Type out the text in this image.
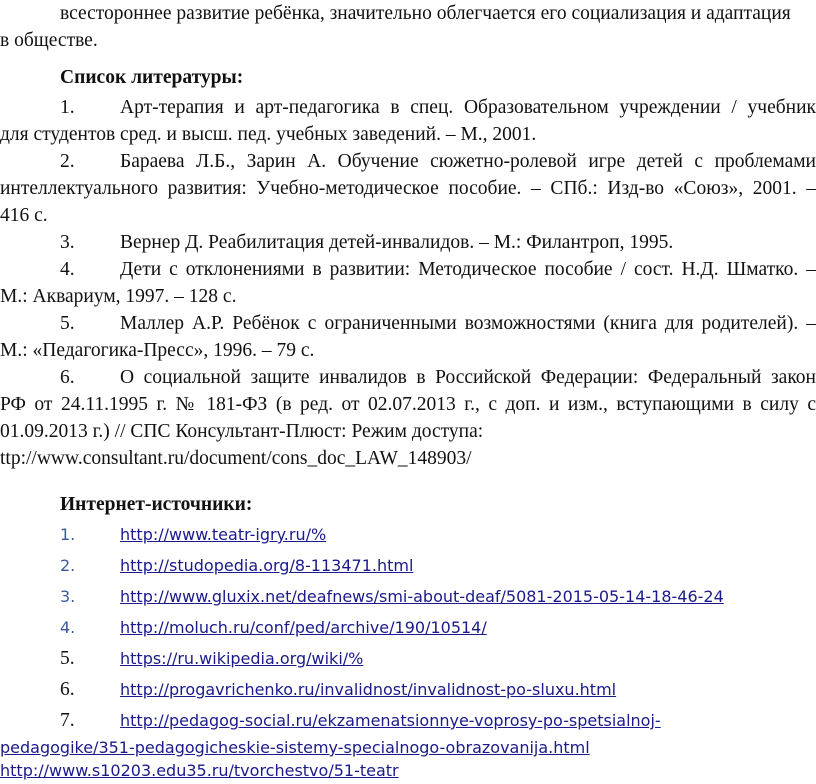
всестороннее развитие ребёнка, значительно облегчается его социализация и адаптация
в обществе.
Список литературы:
1. Арт-терапия и арт-педагогика в спец. Образовательном учреждении / учебник
для студентов сред. и высш. пед. учебных заведений. – М., 2001.
2. Бараева Л.Б., Зарин А. Обучение сюжетно-ролевой игре детей с проблемами
интеллектуального развития: Учебно-методическое пособие. – СПб.: Изд-во «Союз», 2001. –
416 с.
3. Вернер Д. Реабилитация детей-инвалидов. – М.: Филантроп, 1995.
4. Дети с отклонениями в развитии: Методическое пособие / сост. Н.Д. Шматко. –
М.: Аквариум, 1997. – 128 с.
5. Маллер А.Р. Ребёнок с ограниченными возможностями (книга для родителей). –
М.: «Педагогика-Пресс», 1996. – 79 с.
6. О социальной защите инвалидов в Российской Федерации: Федеральный закон
РФ от 24.11.1995 г. № 181-ФЗ (в ред. от 02.07.2013 г., с доп. и изм., вступающими в силу с
01.09.2013 г.) // СПС Консультант-Плюст: Режим доступа:
ttp://www.consultant.ru/document/cons_doc_LAW_148903/
Интернет-источники:
1.	http://www.teatr-igry.ru/%
2.	http://studopedia.org/8-113471.html
3.	http://www.gluxix.net/deafnews/smi-about-deaf/5081-2015-05-14-18-46-24
4.	http://moluch.ru/conf/ped/archive/190/10514/
5.	https://ru.wikipedia.org/wiki/%
6.	http://progavrichenko.ru/invalidnost/invalidnost-po-sluxu.html
7.	http://pedagog-social.ru/ekzamenatsionnye-voprosy-po-spetsialnoj-
pedagogike/351-pedagogicheskie-sistemy-specialnogo-obrazovanija.html
http://www.s10203.edu35.ru/tvorchestvo/51-teatr
